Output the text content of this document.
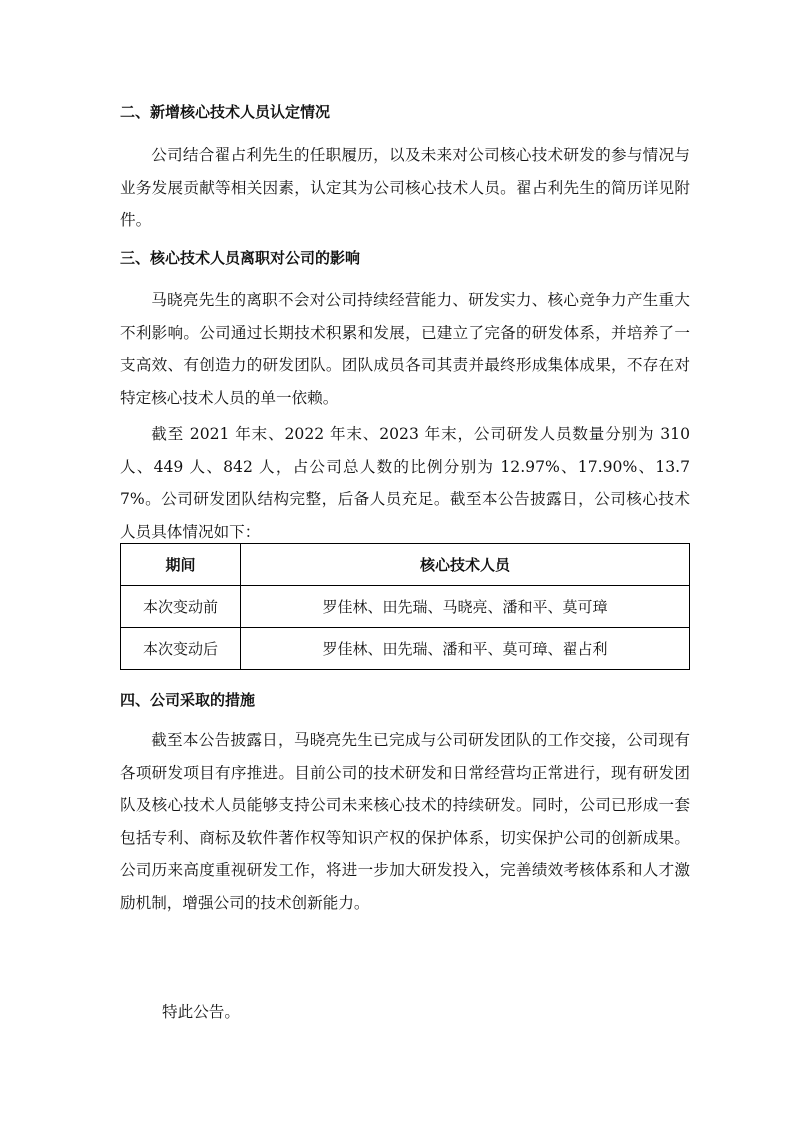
二、新增核心技术人员认定情况

公司结合翟占利先生的任职履历，以及未来对公司核心技术研发的参与情况与业务发展贡献等相关因素，认定其为公司核心技术人员。翟占利先生的简历详见附件。

三、核心技术人员离职对公司的影响

马晓亮先生的离职不会对公司持续经营能力、研发实力、核心竞争力产生重大不利影响。公司通过长期技术积累和发展，已建立了完备的研发体系，并培养了一支高效、有创造力的研发团队。团队成员各司其责并最终形成集体成果，不存在对特定核心技术人员的单一依赖。

截至 2021 年末、2022 年末、2023 年末，公司研发人员数量分别为 310 人、449 人、842 人，占公司总人数的比例分别为 12.97%、17.90%、13.77%。公司研发团队结构完整，后备人员充足。截至本公告披露日，公司核心技术人员具体情况如下：

期间	核心技术人员
本次变动前	罗佳林、田先瑞、马晓亮、潘和平、莫可璋
本次变动后	罗佳林、田先瑞、潘和平、莫可璋、翟占利
四、公司采取的措施

截至本公告披露日，马晓亮先生已完成与公司研发团队的工作交接，公司现有各项研发项目有序推进。目前公司的技术研发和日常经营均正常进行，现有研发团队及核心技术人员能够支持公司未来核心技术的持续研发。同时，公司已形成一套包括专利、商标及软件著作权等知识产权的保护体系，切实保护公司的创新成果。公司历来高度重视研发工作，将进一步加大研发投入，完善绩效考核体系和人才激励机制，增强公司的技术创新能力。

特此公告。
